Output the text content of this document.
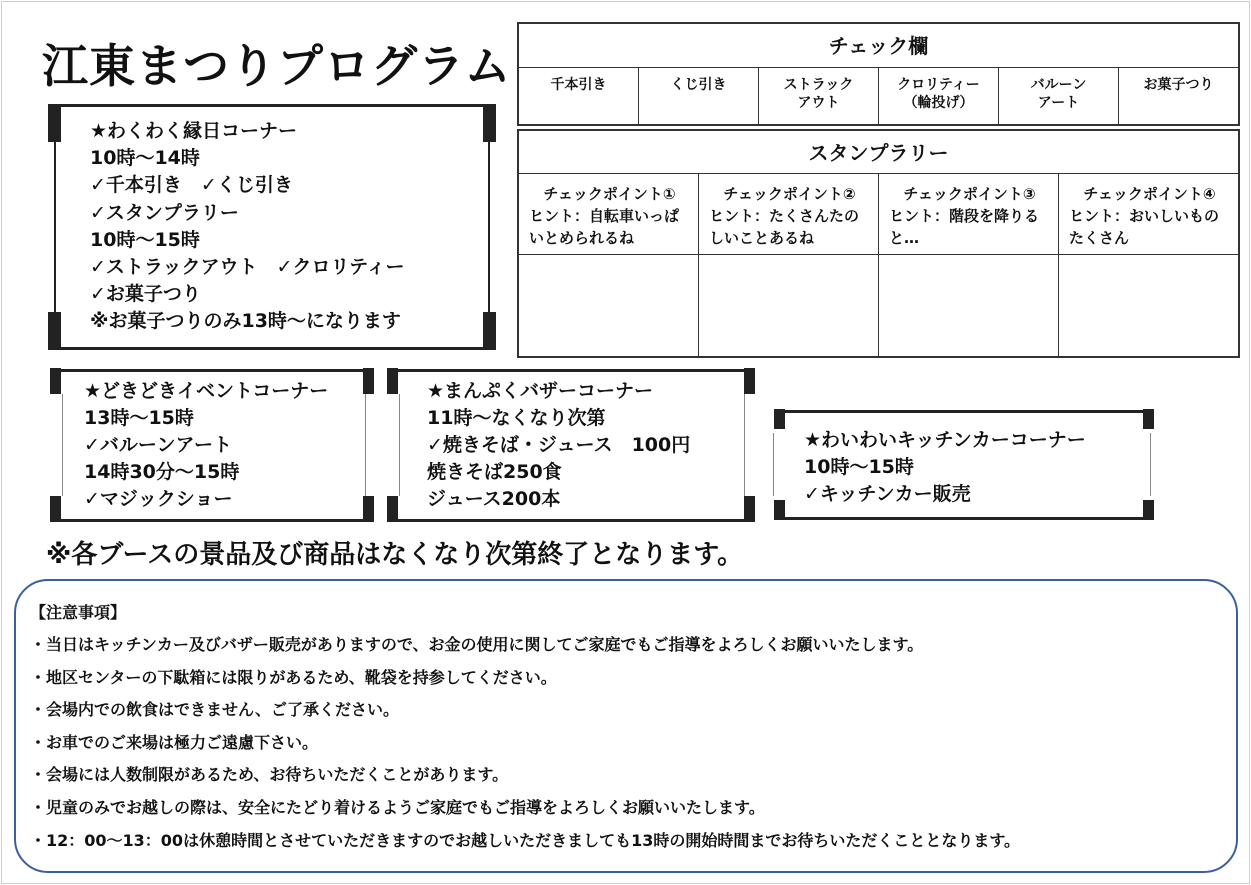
江東まつりプログラム
★わくわく縁日コーナー
10時～14時
✓千本引き　✓くじ引き
✓スタンプラリー
10時～15時
✓ストラックアウト　✓クロリティー
✓お菓子つり
※お菓子つりのみ13時～になります
★どきどきイベントコーナー
13時～15時
✓バルーンアート
14時30分～15時
✓マジックショー
★まんぷくバザーコーナー
11時～なくなり次第
✓焼きそば・ジュース　100円
焼きそば250食
ジュース200本
★わいわいキッチンカーコーナー
10時～15時
✓キッチンカー販売
チェック欄
千本引き	くじ引き	ストラック
アウト
クロリティー
（輪投げ）
バルーン
アート
お菓子つり
スタンプラリー
チェックポイント①
ヒント：自転車いっぱいとめられるね
チェックポイント②
ヒント：たくさんたのしいことあるね
チェックポイント③
ヒント：階段を降りると…
チェックポイント④
ヒント：おいしいものたくさん
※各ブースの景品及び商品はなくなり次第終了となります。
【注意事項】
・当日はキッチンカー及びバザー販売がありますので、お金の使用に関してご家庭でもご指導をよろしくお願いいたします。
・地区センターの下駄箱には限りがあるため、靴袋を持参してください。
・会場内での飲食はできません、ご了承ください。
・お車でのご来場は極力ご遠慮下さい。
・会場には人数制限があるため、お待ちいただくことがあります。
・児童のみでお越しの際は、安全にたどり着けるようご家庭でもご指導をよろしくお願いいたします。
・12：00～13：00は休憩時間とさせていただきますのでお越しいただきましても13時の開始時間までお待ちいただくこととなります。
